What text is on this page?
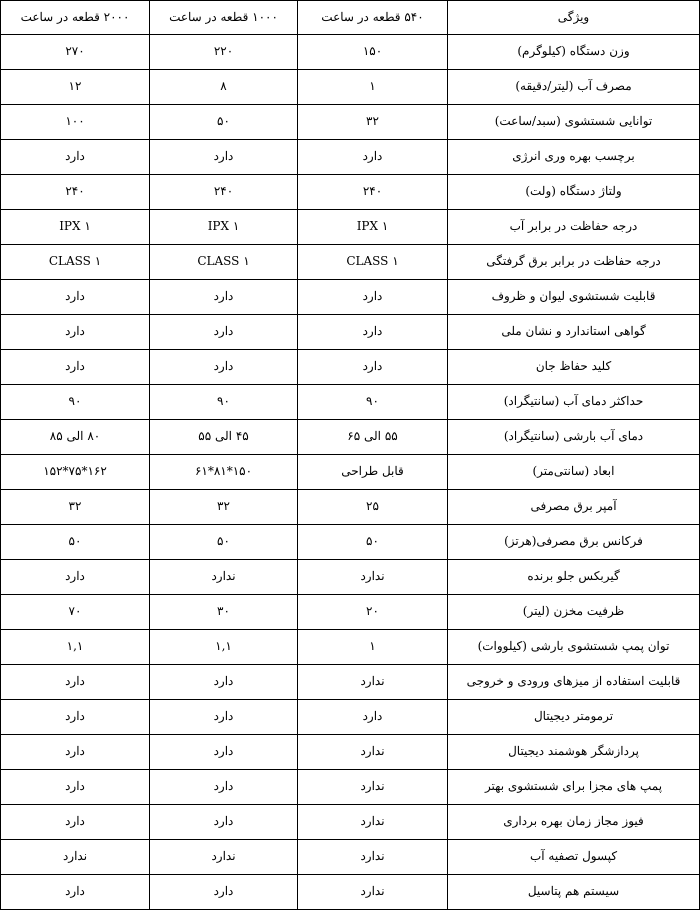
ویژگی	۵۴۰ قطعه در ساعت	۱۰۰۰ قطعه در ساعت	۲۰۰۰ قطعه در ساعت
وزن دستگاه (کیلوگرم)	۱۵۰	۲۲۰	۲۷۰
مصرف آب (لیتر/دقیقه)	۱	۸	۱۲
توانایی شستشوی (سبد/ساعت)	۳۲	۵۰	۱۰۰
برچسب بهره وری انرژی	دارد	دارد	دارد
ولتاژ دستگاه (ولت)	۲۴۰	۲۴۰	۲۴۰
درجه حفاظت در برابر آب	IPX ۱	IPX ۱	IPX ۱
درجه حفاظت در برابر برق گرفتگی	CLASS ۱	CLASS ۱	CLASS ۱
قابلیت شستشوی لیوان و ظروف	دارد	دارد	دارد
گواهی استاندارد و نشان ملی	دارد	دارد	دارد
کلید حفاظ جان	دارد	دارد	دارد
حداکثر دمای آب (سانتیگراد)	۹۰	۹۰	۹۰
دمای آب بارشی (سانتیگراد)	۵۵ الی ۶۵	۴۵ الی ۵۵	۸۰ الی ۸۵
ابعاد (سانتی‌متر)	قابل طراحی	۱۵۰*۸۱*۶۱	۱۶۲*۷۵*۱۵۲
آمپر برق مصرفی	۲۵	۳۲	۳۲
فرکانس برق مصرفی(هرتز)	۵۰	۵۰	۵۰
گیربکس جلو برنده	ندارد	ندارد	دارد
ظرفیت مخزن (لیتر)	۲۰	۳۰	۷۰
توان پمپ شستشوی بارشی (کیلووات)	۱	۱,۱	۱,۱
قابلیت استفاده از میزهای ورودی و خروجی	ندارد	دارد	دارد
ترمومتر دیجیتال	دارد	دارد	دارد
پردازشگر هوشمند دیجیتال	ندارد	دارد	دارد
پمپ های مجزا برای شستشوی بهتر	ندارد	دارد	دارد
فیوز مجاز زمان بهره برداری	ندارد	دارد	دارد
کپسول تصفیه آب	ندارد	ندارد	ندارد
سیستم هم پتاسیل	ندارد	دارد	دارد
